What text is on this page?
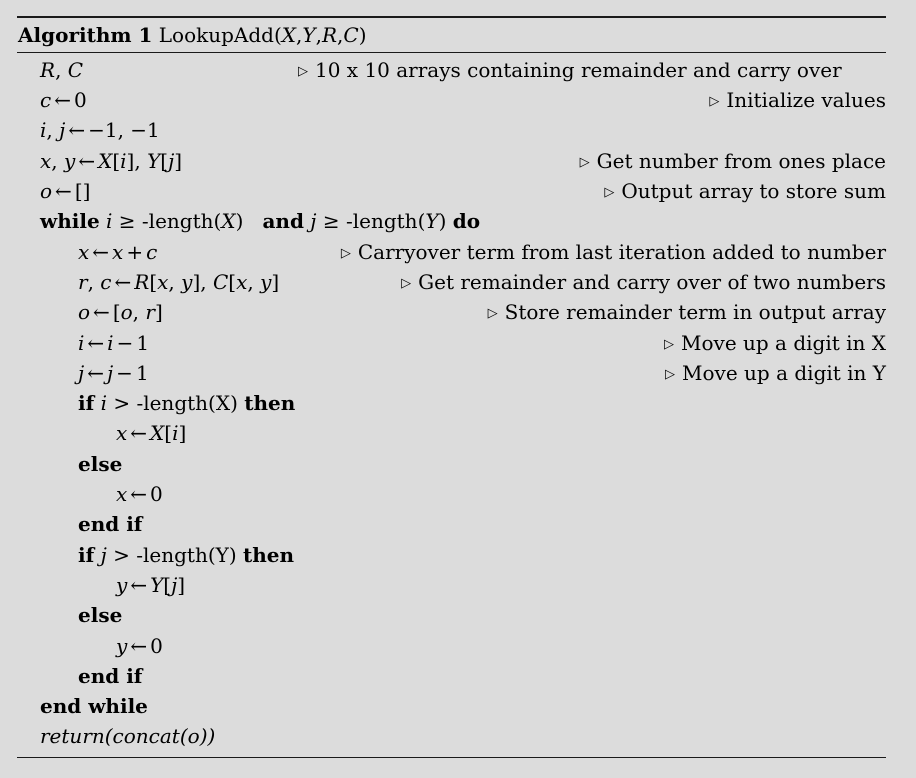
Algorithm 1 LookupAdd(X,Y,R,C)
R, C	▷ 10 x 10 arrays containing remainder and carry over
c ← 0	▷ Initialize values
i, j ← −1, −1
x, y ← X[i], Y[j]	▷ Get number from ones place
o ← []	▷ Output array to store sum
while i ≥ -length(X)   and j ≥ -length(Y) do
x ← x + c	▷ Carryover term from last iteration added to number
r, c ← R[x, y], C[x, y]	▷ Get remainder and carry over of two numbers
o ← [o, r]	▷ Store remainder term in output array
i ← i − 1	▷ Move up a digit in X
j ← j − 1	▷ Move up a digit in Y
if i > -length(X) then
x ← X[i]
else
x ← 0
end if
if j > -length(Y) then
y ← Y[j]
else
y ← 0
end if
end while
return(concat(o))
